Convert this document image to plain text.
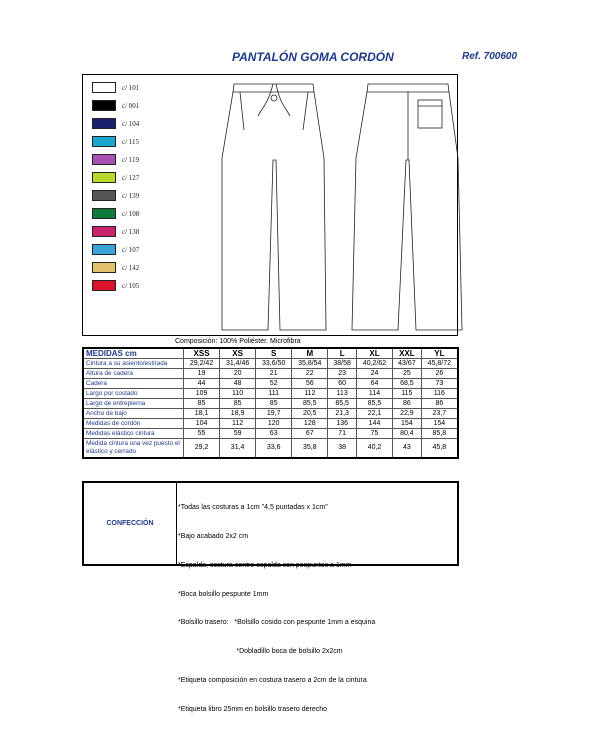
PANTALÓN GOMA CORDÓN	Ref. 700600
c/ 101
c/ 001
c/ 104
c/ 115
c/ 119
c/ 127
c/ 139
c/ 108
c/ 138
c/ 107
c/ 142
c/ 105
Composición: 100% Poliéster. Microfibra
MEDIDAS cm	XSS	XS	S	M	L	XL	XXL	YL
Cintura a su asiento/estirada	29,2/42	31,4/46	33,6/50	35,8/54	38/58	40,2/62	43/67	45,8/72
Altura de cadera	19	20	21	22	23	24	25	26
Cadera	44	48	52	56	60	64	68,5	73
Largo por costado	109	110	111	112	113	114	115	116
Largo de entrepierna	85	85	85	85,5	85,5	85,5	86	86
Ancho de bajo	18,1	18,9	19,7	20,5	21,3	22,1	22,9	23,7
Medidas de cordón	104	112	120	128	136	144	154	154
Medidas elástico cintura	55	59	63	67	71	75	80,4	85,8
Medida cintura una vez puesto el elástico y cerrado	29,2	31,4	33,6	35,8	38	40,2	43	45,8
CONFECCIÓN

*Todas las costuras a 1cm "4,5 puntadas x 1cm"

*Bajo acabado 2x2 cm

*Espalda, costura centro espalda con pespuntes a 1mm

*Boca bolsillo pespunte 1mm

*Bolsillo trasero:   *Bolsillo cosido con pespunte 1mm a esquina

*Dobladillo boca de bolsillo 2x2cm

*Etiqueta composición en costura trasero a 2cm de la cintura

*Etiqueta libro 25mm en bolsillo trasero derecho
